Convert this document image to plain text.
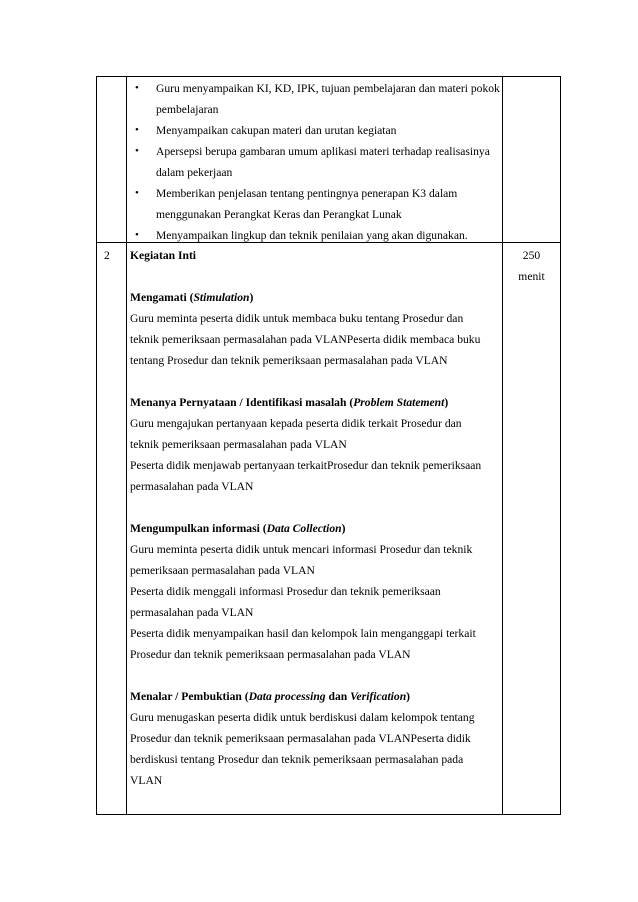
• Guru menyampaikan KI, KD, IPK, tujuan pembelajaran dan materi pokok pembelajaran
• Menyampaikan cakupan materi dan urutan kegiatan
• Apersepsi berupa gambaran umum aplikasi materi terhadap realisasinya dalam pekerjaan
• Memberikan penjelasan tentang pentingnya penerapan K3 dalam menggunakan Perangkat Keras dan Perangkat Lunak
• Menyampaikan lingkup dan teknik penilaian yang akan digunakan.
2	250
menit
Kegiatan Inti
Mengamati (Stimulation)
Guru meminta peserta didik untuk membaca buku tentang Prosedur dan
teknik pemeriksaan permasalahan pada VLANPeserta didik membaca buku
tentang Prosedur dan teknik pemeriksaan permasalahan pada VLAN
Menanya Pernyataan / Identifikasi masalah (Problem Statement)
Guru mengajukan pertanyaan kepada peserta didik terkait Prosedur dan
teknik pemeriksaan permasalahan pada VLAN
Peserta didik menjawab pertanyaan terkaitProsedur dan teknik pemeriksaan
permasalahan pada VLAN
Mengumpulkan informasi (Data Collection)
Guru meminta peserta didik untuk mencari informasi Prosedur dan teknik
pemeriksaan permasalahan pada VLAN
Peserta didik menggali informasi Prosedur dan teknik pemeriksaan
permasalahan pada VLAN
Peserta didik menyampaikan hasil dan kelompok lain menganggapi terkait
Prosedur dan teknik pemeriksaan permasalahan pada VLAN
Menalar / Pembuktian (Data processing dan Verification)
Guru menugaskan peserta didik untuk berdiskusi dalam kelompok tentang
Prosedur dan teknik pemeriksaan permasalahan pada VLANPeserta didik
berdiskusi tentang Prosedur dan teknik pemeriksaan permasalahan pada
VLAN
